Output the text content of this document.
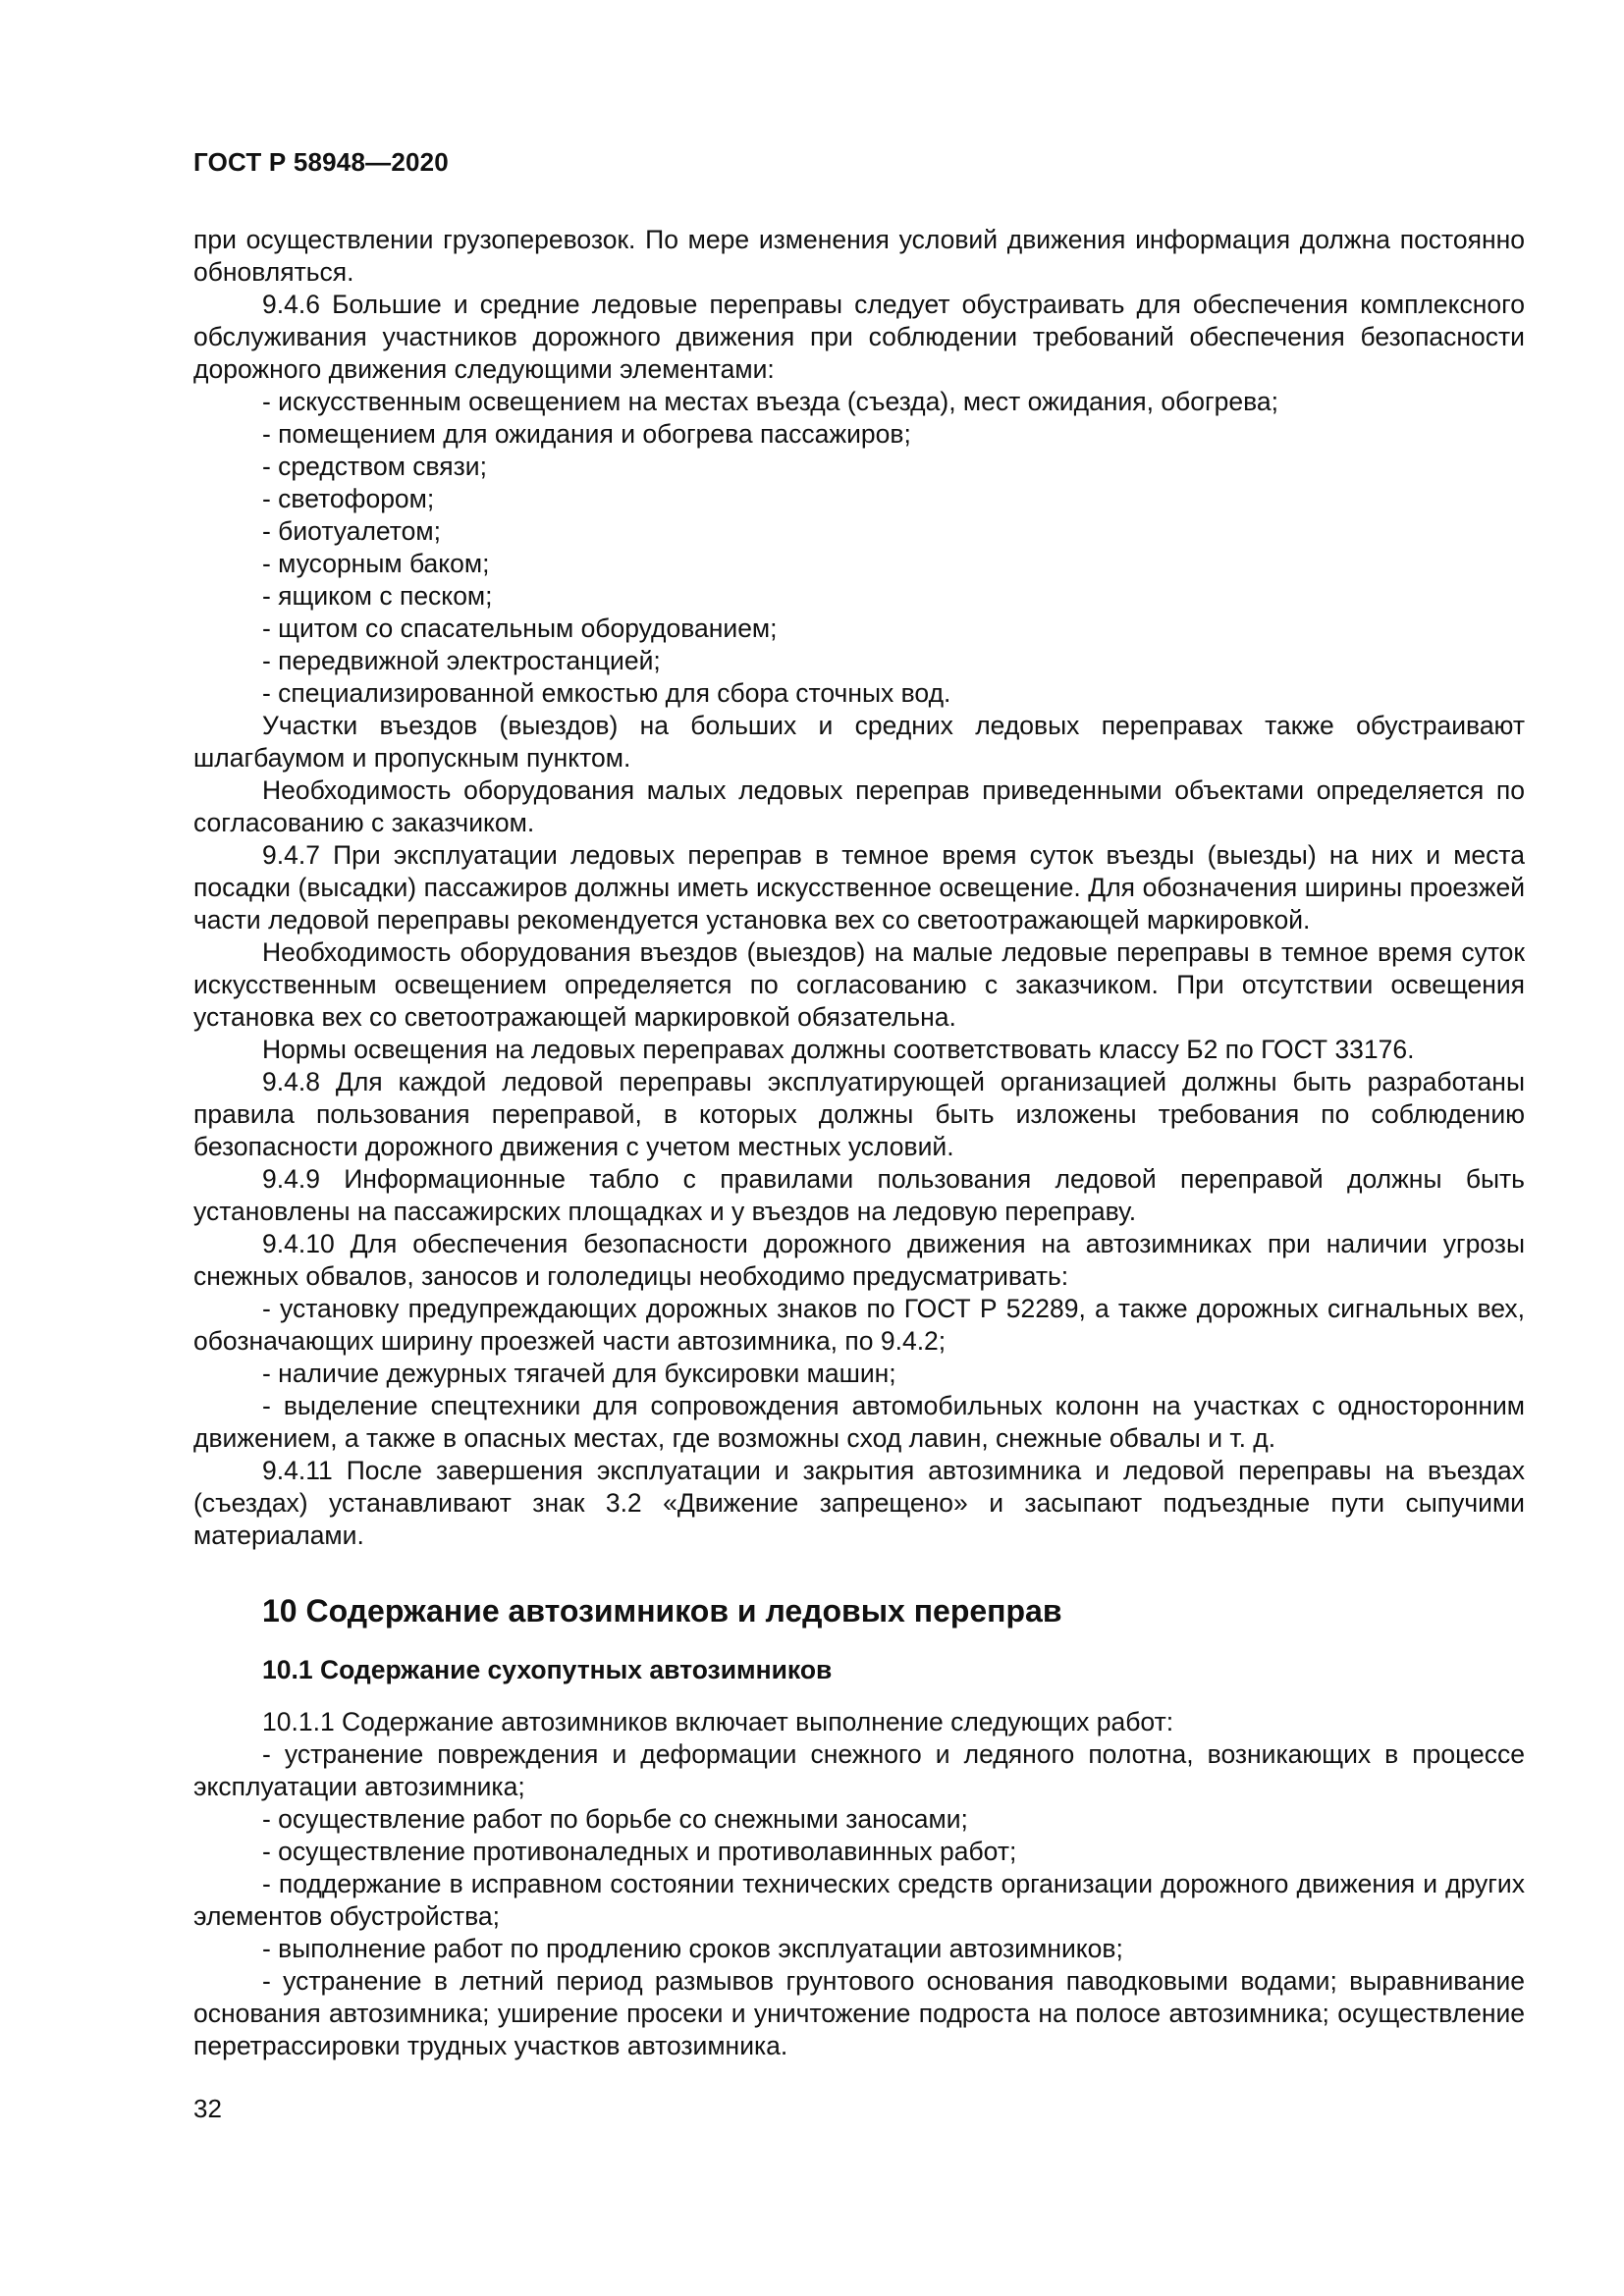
ГОСТ Р 58948—2020

при осуществлении грузоперевозок. По мере изменения условий движения информация должна постоянно обновляться.

9.4.6 Большие и средние ледовые переправы следует обустраивать для обеспечения комплексного обслуживания участников дорожного движения при соблюдении требований обеспечения безопасности дорожного движения следующими элементами:

- искусственным освещением на местах въезда (съезда), мест ожидания, обогрева;

- помещением для ожидания и обогрева пассажиров;

- средством связи;

- светофором;

- биотуалетом;

- мусорным баком;

- ящиком с песком;

- щитом со спасательным оборудованием;

- передвижной электростанцией;

- специализированной емкостью для сбора сточных вод.

Участки въездов (выездов) на больших и средних ледовых переправах также обустраивают шлагбаумом и пропускным пунктом.

Необходимость оборудования малых ледовых переправ приведенными объектами определяется по согласованию с заказчиком.

9.4.7 При эксплуатации ледовых переправ в темное время суток въезды (выезды) на них и места посадки (высадки) пассажиров должны иметь искусственное освещение. Для обозначения ширины проезжей части ледовой переправы рекомендуется установка вех со светоотражающей маркировкой.

Необходимость оборудования въездов (выездов) на малые ледовые переправы в темное время суток искусственным освещением определяется по согласованию с заказчиком. При отсутствии освещения установка вех со светоотражающей маркировкой обязательна.

Нормы освещения на ледовых переправах должны соответствовать классу Б2 по ГОСТ 33176.

9.4.8 Для каждой ледовой переправы эксплуатирующей организацией должны быть разработаны правила пользования переправой, в которых должны быть изложены требования по соблюдению безопасности дорожного движения с учетом местных условий.

9.4.9 Информационные табло с правилами пользования ледовой переправой должны быть установлены на пассажирских площадках и у въездов на ледовую переправу.

9.4.10 Для обеспечения безопасности дорожного движения на автозимниках при наличии угрозы снежных обвалов, заносов и гололедицы необходимо предусматривать:

- установку предупреждающих дорожных знаков по ГОСТ Р 52289, а также дорожных сигнальных вех, обозначающих ширину проезжей части автозимника, по 9.4.2;

- наличие дежурных тягачей для буксировки машин;

- выделение спецтехники для сопровождения автомобильных колонн на участках с односторонним движением, а также в опасных местах, где возможны сход лавин, снежные обвалы и т. д.

9.4.11 После завершения эксплуатации и закрытия автозимника и ледовой переправы на въездах (съездах) устанавливают знак 3.2 «Движение запрещено» и засыпают подъездные пути сыпучими материалами.

10 Содержание автозимников и ледовых переправ
10.1 Содержание сухопутных автозимников

10.1.1 Содержание автозимников включает выполнение следующих работ:

- устранение повреждения и деформации снежного и ледяного полотна, возникающих в процессе эксплуатации автозимника;

- осуществление работ по борьбе со снежными заносами;

- осуществление противоналедных и противолавинных работ;

- поддержание в исправном состоянии технических средств организации дорожного движения и других элементов обустройства;

- выполнение работ по продлению сроков эксплуатации автозимников;

- устранение в летний период размывов грунтового основания паводковыми водами; выравнивание основания автозимника; уширение просеки и уничтожение подроста на полосе автозимника; осуществление перетрассировки трудных участков автозимника.

32
